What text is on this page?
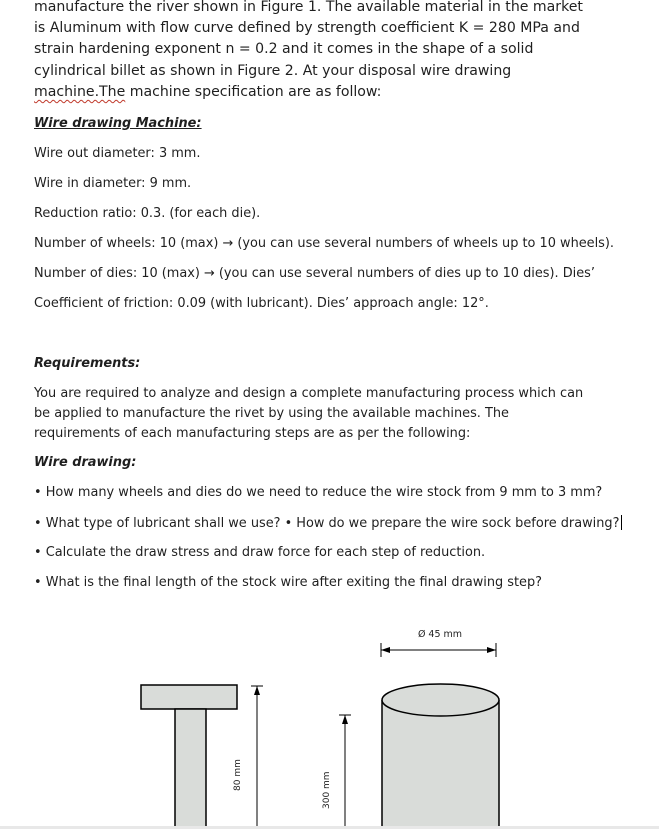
manufacture the river shown in Figure 1. The available material in the market is Aluminum with flow curve defined by strength coefficient K = 280 MPa and strain hardening exponent n = 0.2 and it comes in the shape of a solid cylindrical billet as shown in Figure 2. At your disposal wire drawing machine.The machine specification are as follow:

Wire drawing Machine:

Wire out diameter: 3 mm.

Wire in diameter: 9 mm.

Reduction ratio: 0.3. (for each die).

Number of wheels: 10 (max) → (you can use several numbers of wheels up to 10 wheels).

Number of dies: 10 (max) → (you can use several numbers of dies up to 10 dies). Dies’

Coefficient of friction: 0.09 (with lubricant). Dies’ approach angle: 12°.

Requirements:

You are required to analyze and design a complete manufacturing process which can be applied to manufacture the rivet by using the available machines. The requirements of each manufacturing steps are as per the following:

Wire drawing:

• How many wheels and dies do we need to reduce the wire stock from 9 mm to 3 mm?

• What type of lubricant shall we use? • How do we prepare the wire sock before drawing?

• Calculate the draw stress and draw force for each step of reduction.

• What is the final length of the stock wire after exiting the final drawing step?

80 mm	300 mm
Ø 45 mm
